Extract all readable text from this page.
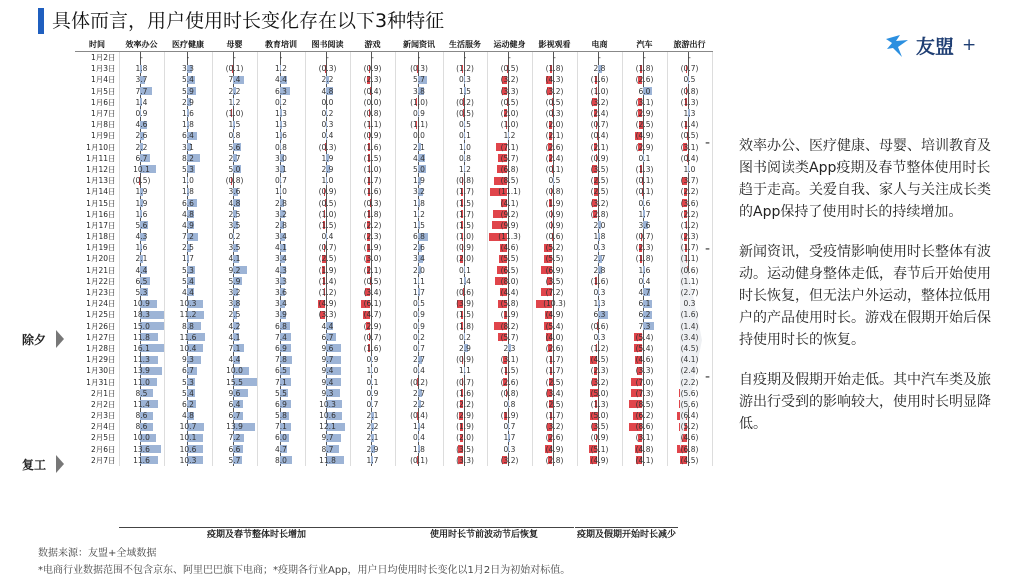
具体而言，用户使用时长变化存在以下3种特征
友盟 +
时间	效率办公	医疗健康	母婴	教育培训	图书阅读	游戏	新闻资讯	生活服务	运动健身	影视观看	电商	汽车	旅游出行
1月2日	-	-	-	-	-	-	-	-	-	-	-	-	-
1月3日	1.8	3.3	(0.1)	1.2	(0.3)	(0.9)	(0.3)	(1.2)	(0.5)	(1.8)	2.8	(1.8)	(0.7)
1月4日	3.7	5.4	7.4	4.4	2.2	(2.3)	5.7	0.3	(3.2)	(4.3)	(1.6)	(2.6)	0.5
1月5日	7.7	5.9	2.2	6.3	4.8	(0.4)	3.8	1.5	(3.3)	(3.2)	(1.0)	6.0	(0.8)
1月6日	1.4	2.9	1.2	0.2	0.0	(0.0)	(1.0)	(0.2)	(0.5)	(0.5)	(3.2)	(3.1)	(1.3)
1月7日	0.9	1.6	(1.0)	1.3	0.2	(0.8)	0.9	(0.5)	(2.0)	(0.3)	(2.4)	(2.9)	1.3
1月8日	4.6	1.8	1.5	1.3	0.3	(1.1)	(1.1)	0.5	(1.0)	(2.0)	(0.7)	(2.5)	(1.4)
1月9日	2.6	6.4	0.8	1.6	0.4	(0.9)	0.0	0.1	1.2	(2.1)	(0.4)	(4.9)	(0.5)
1月10日	2.2	3.1	5.6	0.8	(0.3)	(1.6)	2.1	1.0	(7.1)	(2.6)	(2.1)	(2.9)	(3.1)
1月11日	6.7	8.2	2.7	3.0	1.9	(1.5)	4.4	0.8	(5.7)	(2.4)	(0.9)	0.1	(0.4)
1月12日	10.1	5.3	5.0	3.1	2.9	(1.0)	5.0	1.2	(6.8)	(0.1)	(3.5)	(1.3)	1.0
1月13日	(0.5)	1.0	(0.8)	0.7	1.0	(1.7)	1.9	(0.8)	(8.5)	0.5	(2.5)	(0.1)	(3.7)
1月14日	1.9	1.8	3.6	1.0	(0.9)	(1.6)	3.2	(1.7)	(11.1)	(0.8)	(2.5)	(0.1)	(2.2)
1月15日	1.9	6.6	4.8	2.8	(0.5)	(0.3)	1.8	(1.5)	(4.1)	(1.9)	(3.2)	0.6	(3.6)
1月16日	1.6	4.8	2.5	3.2	(1.0)	(1.8)	1.2	(1.7)	(9.2)	(0.9)	(2.8)	1.7	(2.2)
1月17日	5.6	4.9	3.5	2.8	(1.5)	(2.2)	1.5	(1.5)	(9.9)	(0.9)	2.0	3.6	(1.2)
1月18日	4.3	7.2	0.2	3.4	0.4	(2.3)	6.8	(1.0)	(11.3)	(0.6)	1.8	(0.7)	(2.3)
1月19日	1.6	2.5	3.5	4.1	(0.7)	(1.9)	2.6	(0.9)	(4.6)	(5.2)	0.3	(2.3)	(1.7)
1月20日	2.1	1.7	4.1	3.4	(2.5)	(3.0)	3.4	(2.0)	(5.5)	(5.5)	2.7	(1.8)	(1.1)
1月21日	4.4	5.3	9.2	4.3	(1.9)	(2.1)	2.0	0.1	(6.5)	(6.9)	2.8	1.6	(0.6)
1月22日	6.5	5.4	5.9	3.3	(1.4)	(0.5)	1.1	1.4	(8.0)	(3.5)	(1.6)	0.4	(1.1)
1月23日	5.3	4.4	3.2	3.6	(1.2)	(3.4)	1.7	(0.6)	(4.4)	(7.2)	0.3	4.7	(2.7)
1月24日	10.9	10.3	3.8	3.4	(4.9)	(6.1)	0.5	(3.9)	(5.8)	(10.3)	1.3	6.1	0.3
1月25日	18.3	11.2	2.5	3.9	(3.3)	(4.7)	0.9	(1.5)	(1.9)	(4.9)	6.3	6.2	(1.6)
1月26日	15.0	8.8	4.2	6.8	4.4	(2.9)	0.9	(1.8)	(8.2)	(5.4)	(0.6)	7.3	(1.4)
1月27日	11.8	11.6	4.1	7.4	6.7	(0.7)	0.2	0.2	(5.7)	(4.0)	0.3	(5.4)	(3.4)
1月28日	16.1	10.4	7.1	6.9	9.6	(1.6)	0.7	2.9	2.3	(2.6)	(1.2)	(5.4)	(4.5)
1月29日	11.3	9.3	4.4	7.8	9.7	0.9	2.7	(0.9)	(3.1)	(1.7)	(4.5)	(4.6)	(4.1)
1月30日	13.9	6.7	10.0	6.5	9.4	1.0	0.4	1.1	(1.5)	(1.7)	(2.3)	(3.3)	(2.4)
1月31日	11.0	5.3	15.5	7.1	9.4	0.1	(0.2)	(0.7)	(2.6)	(2.5)	(3.2)	(7.0)	(2.2)
2月1日	8.5	5.4	9.6	5.5	9.3	0.9	2.7	(1.6)	(0.8)	(3.4)	(5.0)	(7.3)	(5.6)
2月2日	11.4	6.2	6.4	6.9	10.3	0.7	2.2	(2.2)	0.8	(2.5)	(1.3)	(8.5)	(5.6)
2月3日	8.6	4.8	6.7	5.8	10.6	2.1	(0.4)	(2.9)	(1.9)	(1.7)	(5.0)	(6.2)	(6.4)
2月4日	8.6	10.7	13.9	7.1	12.1	2.2	1.4	(1.9)	0.7	(3.2)	(3.5)	(8.6)	(5.2)
2月5日	10.0	10.1	7.2	6.0	9.7	2.1	0.4	(2.0)	1.7	(2.6)	(0.9)	(3.1)	(4.6)
2月6日	13.6	10.6	6.6	4.7	8.7	2.9	1.8	(3.5)	0.3	(4.9)	(5.1)	(4.8)	(6.8)
2月7日	11.6	10.3	5.7	8.0	11.8	1.7	(0.1)	(3.3)	(3.2)	(2.8)	(4.9)	(4.1)	(4.5)
疫期及春节整体时长增加	使用时长节前波动节后恢复	疫期及假期开始时长减少
除夕
复工
-	效率办公、医疗健康、母婴、培训教育及图书阅读类App疫期及春节整体使用时长趋于走高。关爱自我、家人与关注成长类的App保持了使用时长的持续增加。
-	新闻资讯，受疫情影响使用时长整体有波动。运动健身整体走低，春节后开始使用时长恢复，但无法户外运动，整体拉低用户的产品使用时长。游戏在假期开始后保持使用时长的恢复。
-	自疫期及假期开始走低。其中汽车类及旅游出行受到的影响较大，使用时长明显降低。
数据来源：友盟+全域数据
*电商行业数据范围不包含京东、阿里巴巴旗下电商；*疫期各行业App，用户日均使用时长变化以1月2日为初始对标值。
